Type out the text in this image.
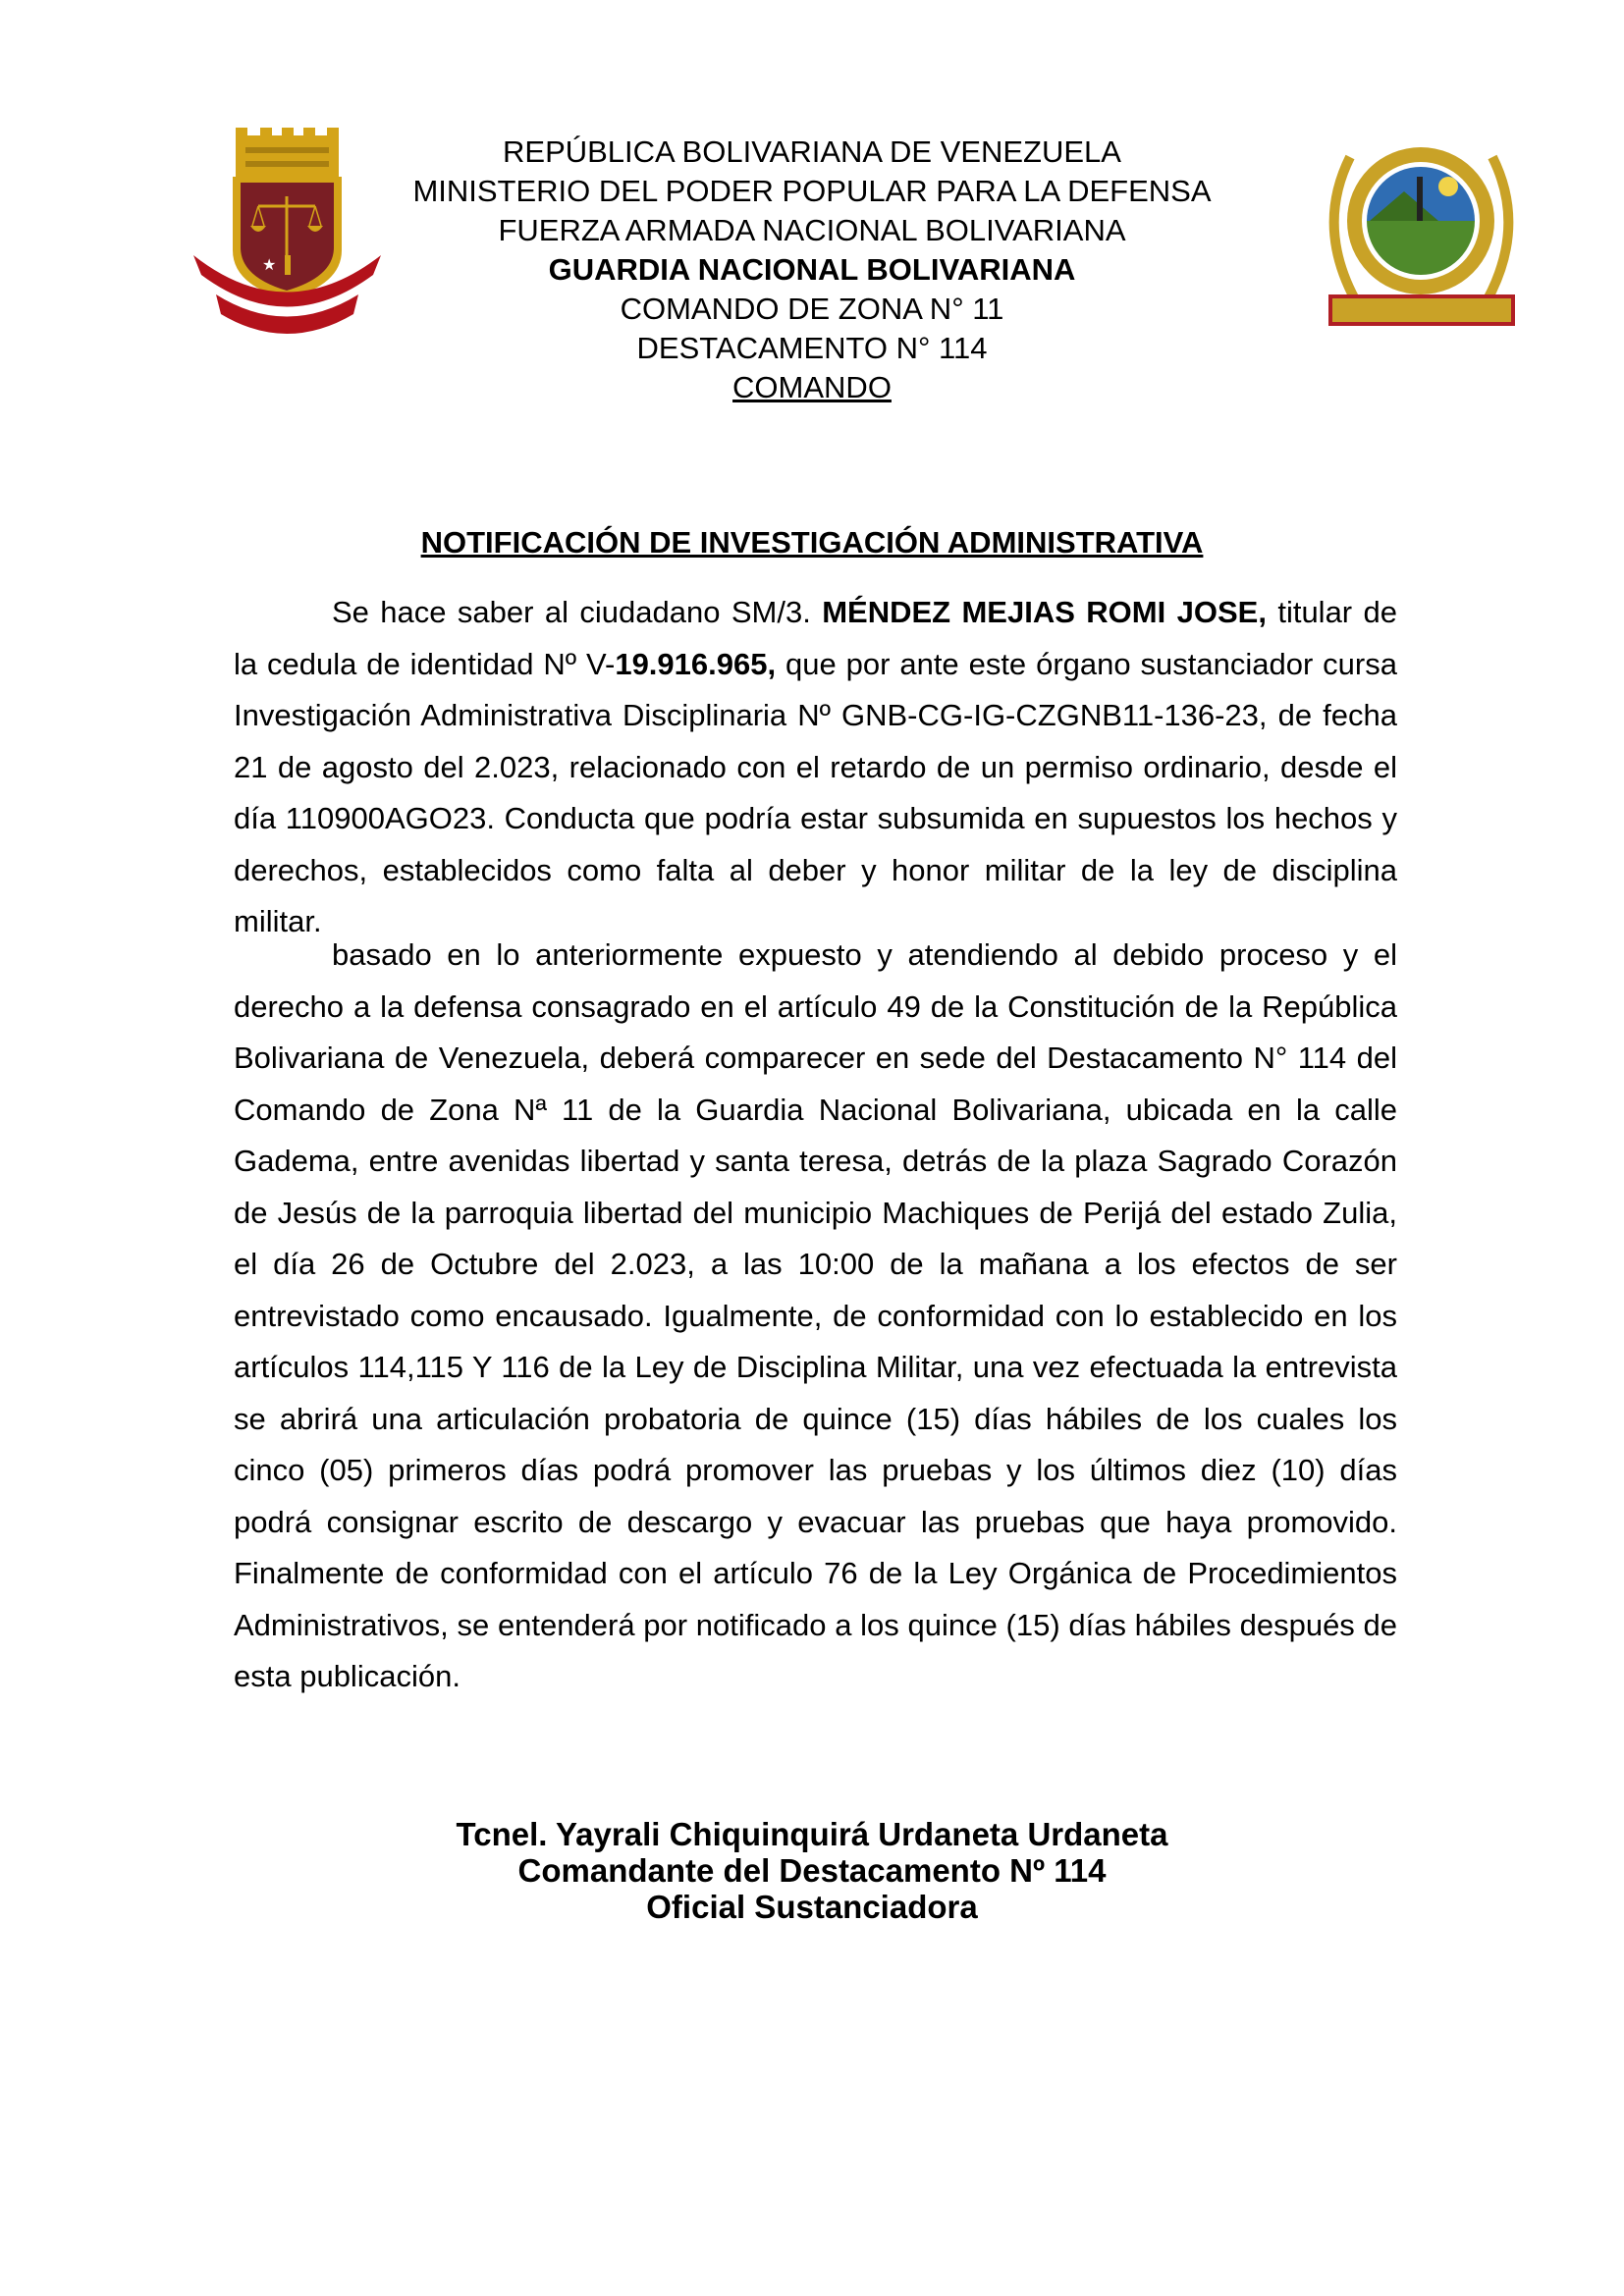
★
REPÚBLICA BOLIVARIANA DE VENEZUELA
MINISTERIO DEL PODER POPULAR PARA LA DEFENSA
FUERZA ARMADA NACIONAL BOLIVARIANA
GUARDIA NACIONAL BOLIVARIANA
COMANDO DE ZONA N° 11
DESTACAMENTO N° 114
COMANDO
NOTIFICACIÓN DE INVESTIGACIÓN ADMINISTRATIVA
Se hace saber al ciudadano SM/3. MÉNDEZ MEJIAS ROMI JOSE, titular de la cedula de identidad Nº V-19.916.965, que por ante este órgano sustanciador cursa Investigación Administrativa Disciplinaria Nº GNB-CG-IG-CZGNB11-136-23, de fecha 21 de agosto del 2.023, relacionado con el retardo de un permiso ordinario, desde el día 110900AGO23. Conducta que podría estar subsumida en supuestos los hechos y derechos, establecidos como falta al deber y honor militar de la ley de disciplina militar.
basado en lo anteriormente expuesto y atendiendo al debido proceso y el derecho a la defensa consagrado en el artículo 49 de la Constitución de la República Bolivariana de Venezuela, deberá comparecer en sede del Destacamento N° 114 del Comando de Zona Nª 11 de la Guardia Nacional Bolivariana, ubicada en la calle Gadema, entre avenidas libertad y santa teresa, detrás de la plaza Sagrado Corazón de Jesús de la parroquia libertad del municipio Machiques de Perijá del estado Zulia, el día 26 de Octubre del 2.023, a las 10:00 de la mañana a los efectos de ser entrevistado como encausado. Igualmente, de conformidad con lo establecido en los artículos 114,115 Y 116 de la Ley de Disciplina Militar, una vez efectuada la entrevista se abrirá una articulación probatoria de quince (15) días hábiles de los cuales los cinco (05) primeros días podrá promover las pruebas y los últimos diez (10) días podrá consignar escrito de descargo y evacuar las pruebas que haya promovido. Finalmente de conformidad con el artículo 76 de la Ley Orgánica de Procedimientos Administrativos, se entenderá por notificado a los quince (15) días hábiles después de esta publicación.
Tcnel. Yayrali Chiquinquirá Urdaneta Urdaneta
Comandante del Destacamento Nº 114
Oficial Sustanciadora
